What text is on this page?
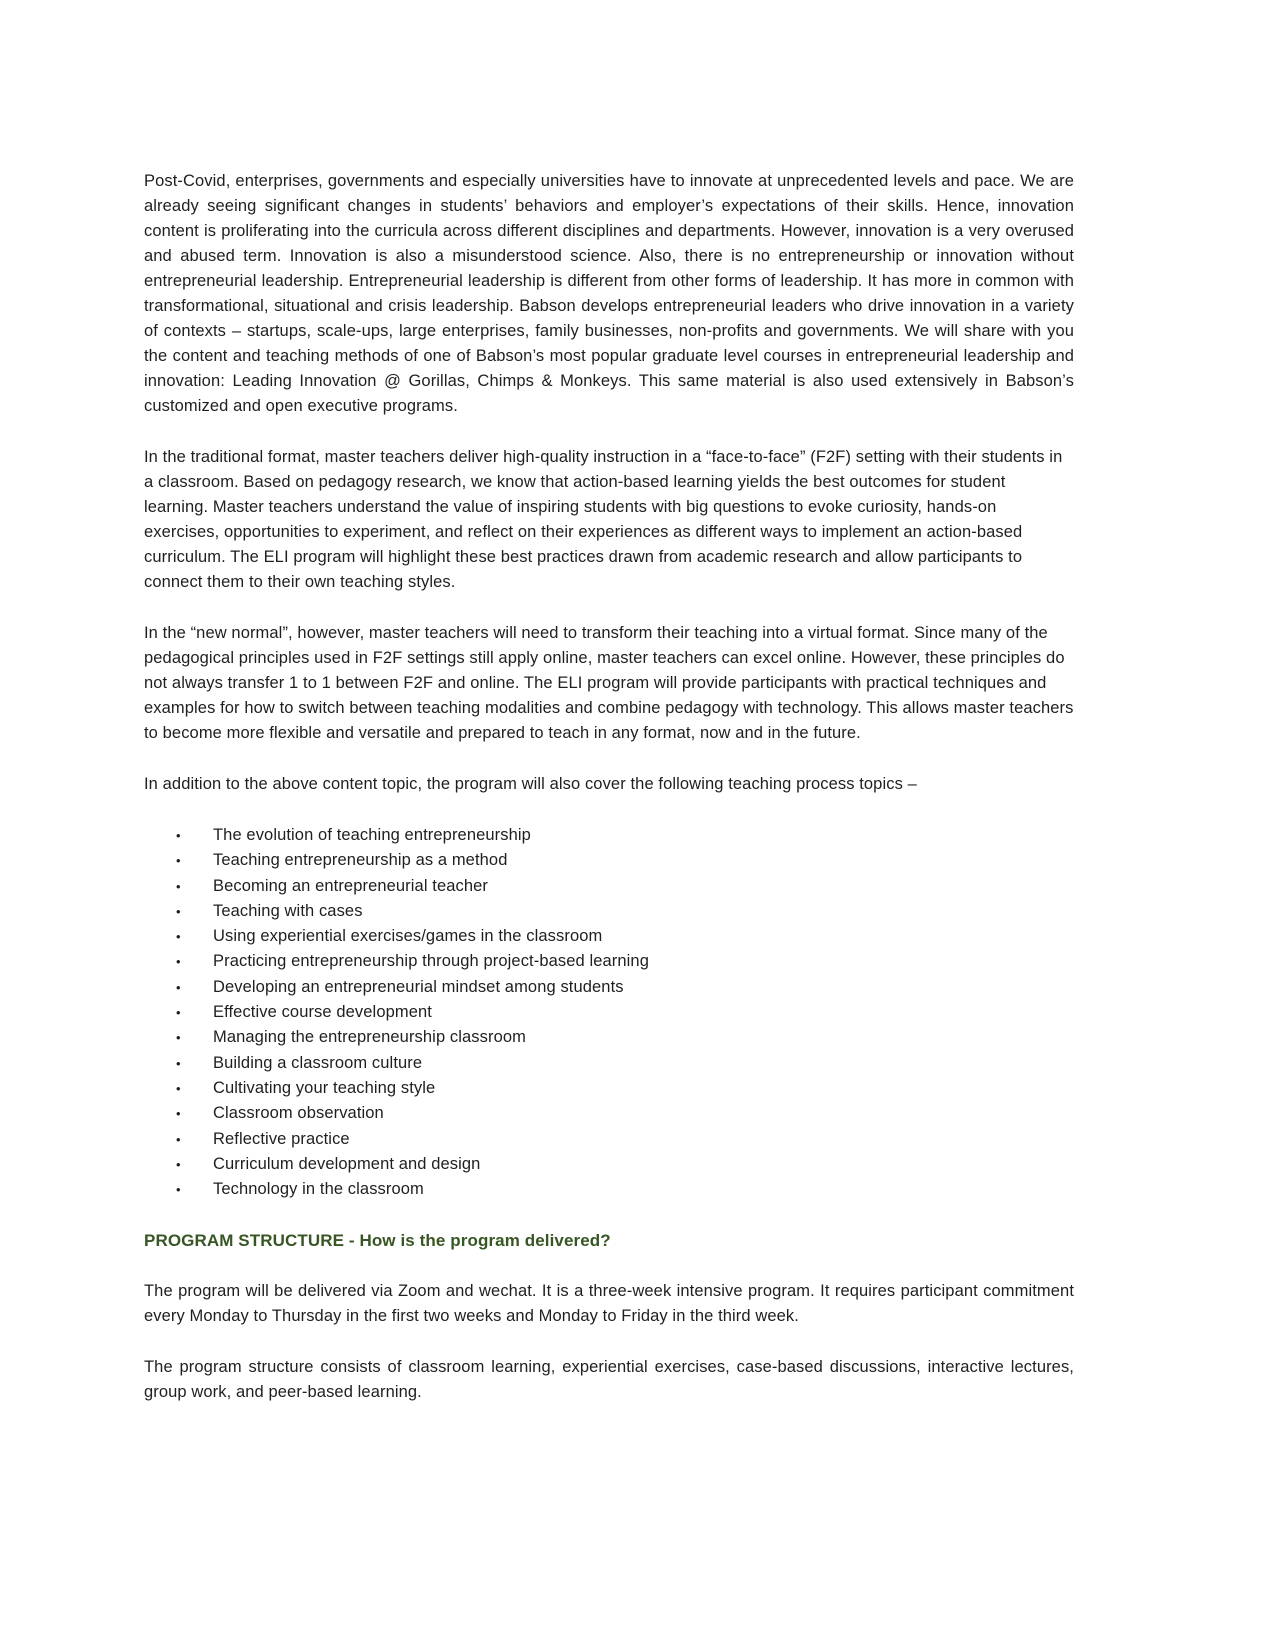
Post-Covid, enterprises, governments and especially universities have to innovate at unprecedented levels and pace. We are already seeing significant changes in students’ behaviors and employer’s expectations of their skills. Hence, innovation content is proliferating into the curricula across different disciplines and departments. However, innovation is a very overused and abused term. Innovation is also a misunderstood science. Also, there is no entrepreneurship or innovation without entrepreneurial leadership. Entrepreneurial leadership is different from other forms of leadership. It has more in common with transformational, situational and crisis leadership. Babson develops entrepreneurial leaders who drive innovation in a variety of contexts – startups, scale-ups, large enterprises, family businesses, non-profits and governments. We will share with you the content and teaching methods of one of Babson’s most popular graduate level courses in entrepreneurial leadership and innovation: Leading Innovation @ Gorillas, Chimps & Monkeys. This same material is also used extensively in Babson’s customized and open executive programs.

In the traditional format, master teachers deliver high-quality instruction in a “face-to-face” (F2F) setting with their students in a classroom. Based on pedagogy research, we know that action-based learning yields the best outcomes for student learning. Master teachers understand the value of inspiring students with big questions to evoke curiosity, hands-on exercises, opportunities to experiment, and reflect on their experiences as different ways to implement an action-based curriculum. The ELI program will highlight these best practices drawn from academic research and allow participants to connect them to their own teaching styles.

In the “new normal”, however, master teachers will need to transform their teaching into a virtual format. Since many of the pedagogical principles used in F2F settings still apply online, master teachers can excel online. However, these principles do not always transfer 1 to 1 between F2F and online. The ELI program will provide participants with practical techniques and examples for how to switch between teaching modalities and combine pedagogy with technology. This allows master teachers to become more flexible and versatile and prepared to teach in any format, now and in the future.

In addition to the above content topic, the program will also cover the following teaching process topics –

• The evolution of teaching entrepreneurship
• Teaching entrepreneurship as a method
• Becoming an entrepreneurial teacher
• Teaching with cases
• Using experiential exercises/games in the classroom
• Practicing entrepreneurship through project-based learning
• Developing an entrepreneurial mindset among students
• Effective course development
• Managing the entrepreneurship classroom
• Building a classroom culture
• Cultivating your teaching style
• Classroom observation
• Reflective practice
• Curriculum development and design
• Technology in the classroom
PROGRAM STRUCTURE - How is the program delivered?

The program will be delivered via Zoom and wechat. It is a three-week intensive program. It requires participant commitment every Monday to Thursday in the first two weeks and Monday to Friday in the third week.

The program structure consists of classroom learning, experiential exercises, case-based discussions, interactive lectures, group work, and peer-based learning.
